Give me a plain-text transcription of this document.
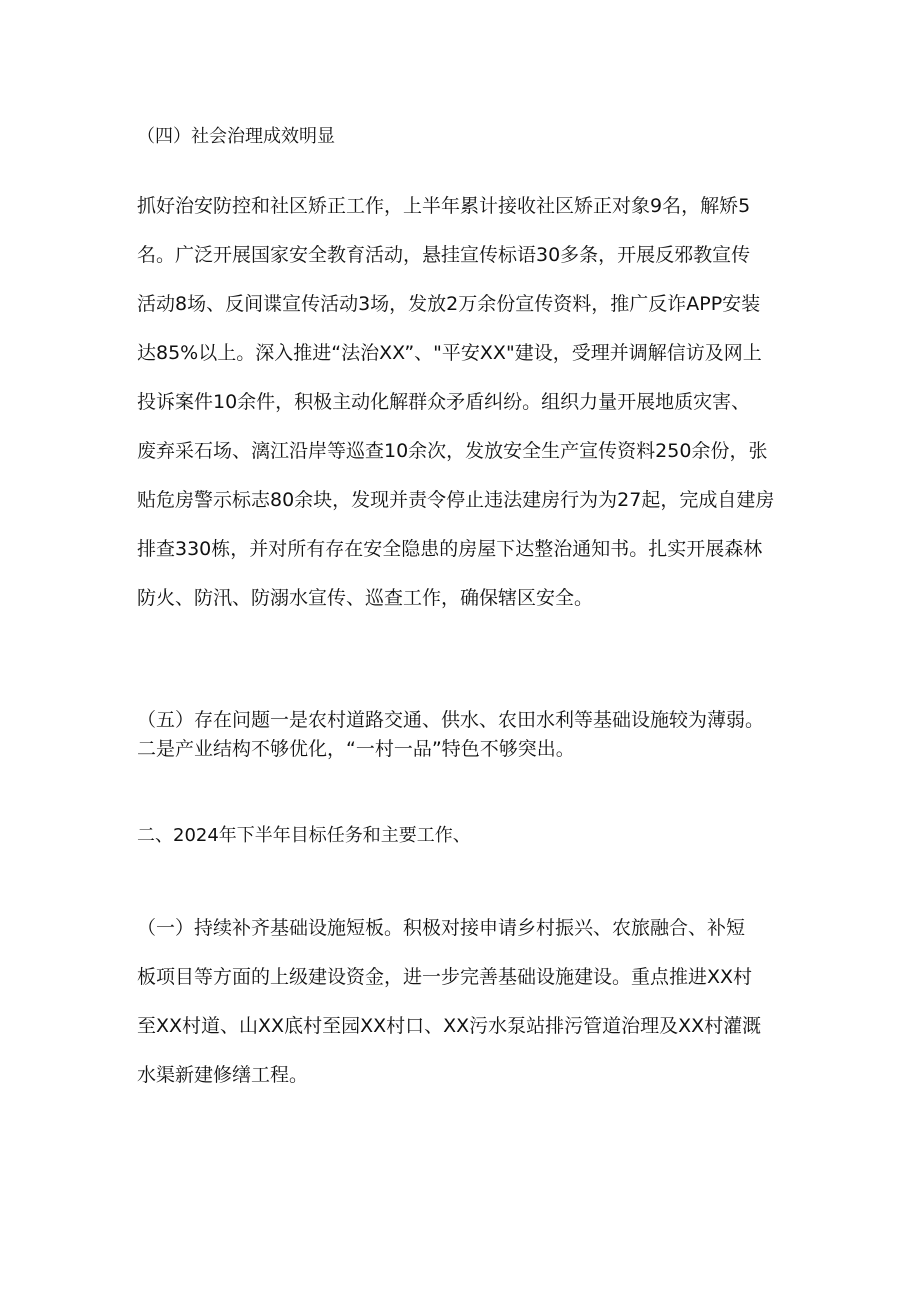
（四）社会治理成效明显

抓好治安防控和社区矫正工作，上半年累计接收社区矫正对象9名，解矫5
名。广泛开展国家安全教育活动，悬挂宣传标语30多条，开展反邪教宣传
活动8场、反间谍宣传活动3场，发放2万余份宣传资料，推广反诈APP安装
达85%以上。深入推进“法治XX”、"平安XX"建设，受理并调解信访及网上
投诉案件10余件，积极主动化解群众矛盾纠纷。组织力量开展地质灾害、
废弃采石场、漓江沿岸等巡查10余次，发放安全生产宣传资料250余份，张
贴危房警示标志80余块，发现并责令停止违法建房行为为27起，完成自建房
排查330栋，并对所有存在安全隐患的房屋下达整治通知书。扎实开展森林
防火、防汛、防溺水宣传、巡查工作，确保辖区安全。
（五）存在问题一是农村道路交通、供水、农田水利等基础设施较为薄弱。
二是产业结构不够优化，“一村一品”特色不够突出。

二、2024年下半年目标任务和主要工作、

（一）持续补齐基础设施短板。积极对接申请乡村振兴、农旅融合、补短
板项目等方面的上级建设资金，进一步完善基础设施建设。重点推进XX村
至XX村道、山XX底村至园XX村口、XX污水泵站排污管道治理及XX村灌溉
水渠新建修缮工程。
